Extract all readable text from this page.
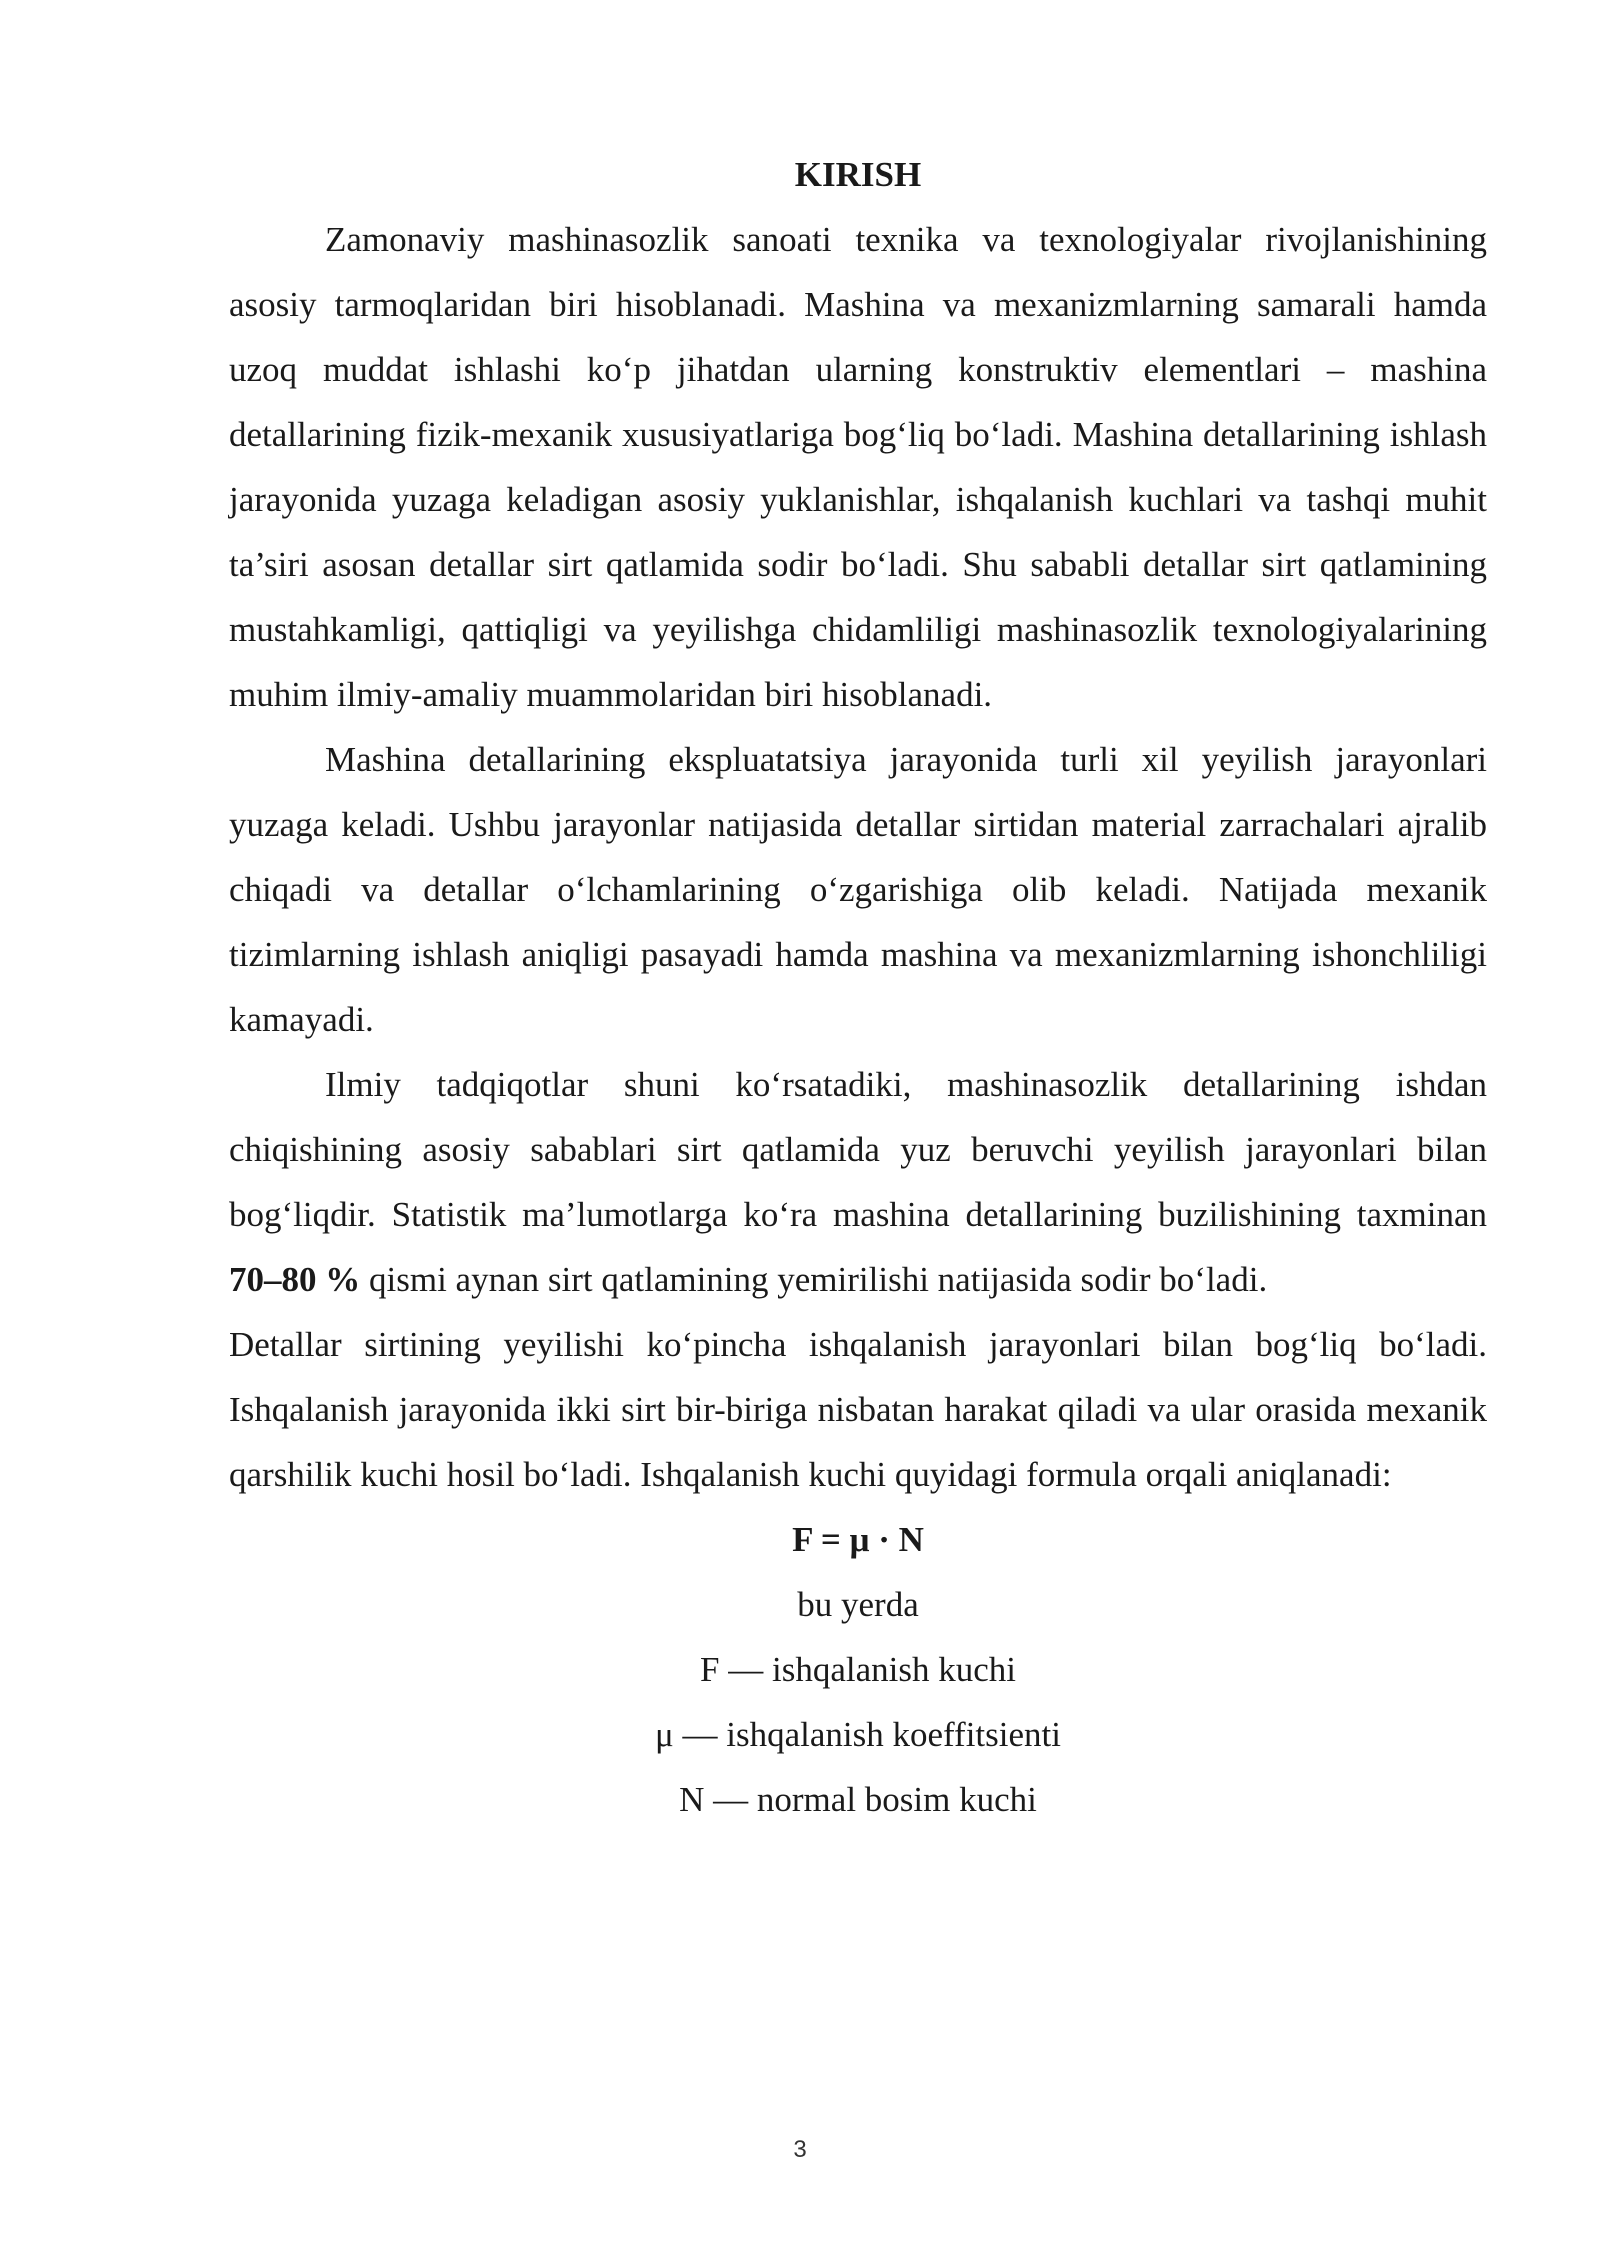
KIRISH

Zamonaviy mashinasozlik sanoati texnika va texnologiyalar rivojlanishining asosiy tarmoqlaridan biri hisoblanadi. Mashina va mexanizmlarning samarali hamda uzoq muddat ishlashi ko‘p jihatdan ularning konstruktiv elementlari – mashina detallarining fizik-mexanik xususiyatlariga bog‘liq bo‘ladi. Mashina detallarining ishlash jarayonida yuzaga keladigan asosiy yuklanishlar, ishqalanish kuchlari va tashqi muhit ta’siri asosan detallar sirt qatlamida sodir bo‘ladi. Shu sababli detallar sirt qatlamining mustahkamligi, qattiqligi va yeyilishga chidamliligi mashinasozlik texnologiyalarining muhim ilmiy-amaliy muammolaridan biri hisoblanadi.

Mashina detallarining ekspluatatsiya jarayonida turli xil yeyilish jarayonlari yuzaga keladi. Ushbu jarayonlar natijasida detallar sirtidan material zarrachalari ajralib chiqadi va detallar o‘lchamlarining o‘zgarishiga olib keladi. Natijada mexanik tizimlarning ishlash aniqligi pasayadi hamda mashina va mexanizmlarning ishonchliligi kamayadi.

Ilmiy tadqiqotlar shuni ko‘rsatadiki, mashinasozlik detallarining ishdan chiqishining asosiy sabablari sirt qatlamida yuz beruvchi yeyilish jarayonlari bilan bog‘liqdir. Statistik ma’lumotlarga ko‘ra mashina detallarining buzilishining taxminan 70–80 % qismi aynan sirt qatlamining yemirilishi natijasida sodir bo‘ladi.

Detallar sirtining yeyilishi ko‘pincha ishqalanish jarayonlari bilan bog‘liq bo‘ladi. Ishqalanish jarayonida ikki sirt bir-biriga nisbatan harakat qiladi va ular orasida mexanik qarshilik kuchi hosil bo‘ladi. Ishqalanish kuchi quyidagi formula orqali aniqlanadi:

F = μ · N

bu yerda

F — ishqalanish kuchi

μ — ishqalanish koeffitsienti

N — normal bosim kuchi

3
